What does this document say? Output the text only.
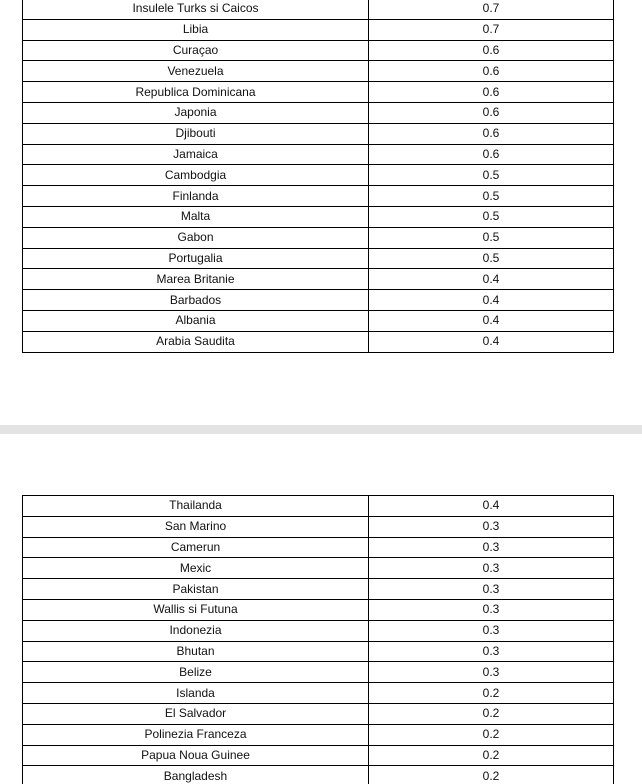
Insulele Turks si Caicos	0.7
Libia	0.7
Curaçao	0.6
Venezuela	0.6
Republica Dominicana	0.6
Japonia	0.6
Djibouti	0.6
Jamaica	0.6
Cambodgia	0.5
Finlanda	0.5
Malta	0.5
Gabon	0.5
Portugalia	0.5
Marea Britanie	0.4
Barbados	0.4
Albania	0.4
Arabia Saudita	0.4
Thailanda	0.4
San Marino	0.3
Camerun	0.3
Mexic	0.3
Pakistan	0.3
Wallis si Futuna	0.3
Indonezia	0.3
Bhutan	0.3
Belize	0.3
Islanda	0.2
El Salvador	0.2
Polinezia Franceza	0.2
Papua Noua Guinee	0.2
Bangladesh	0.2
